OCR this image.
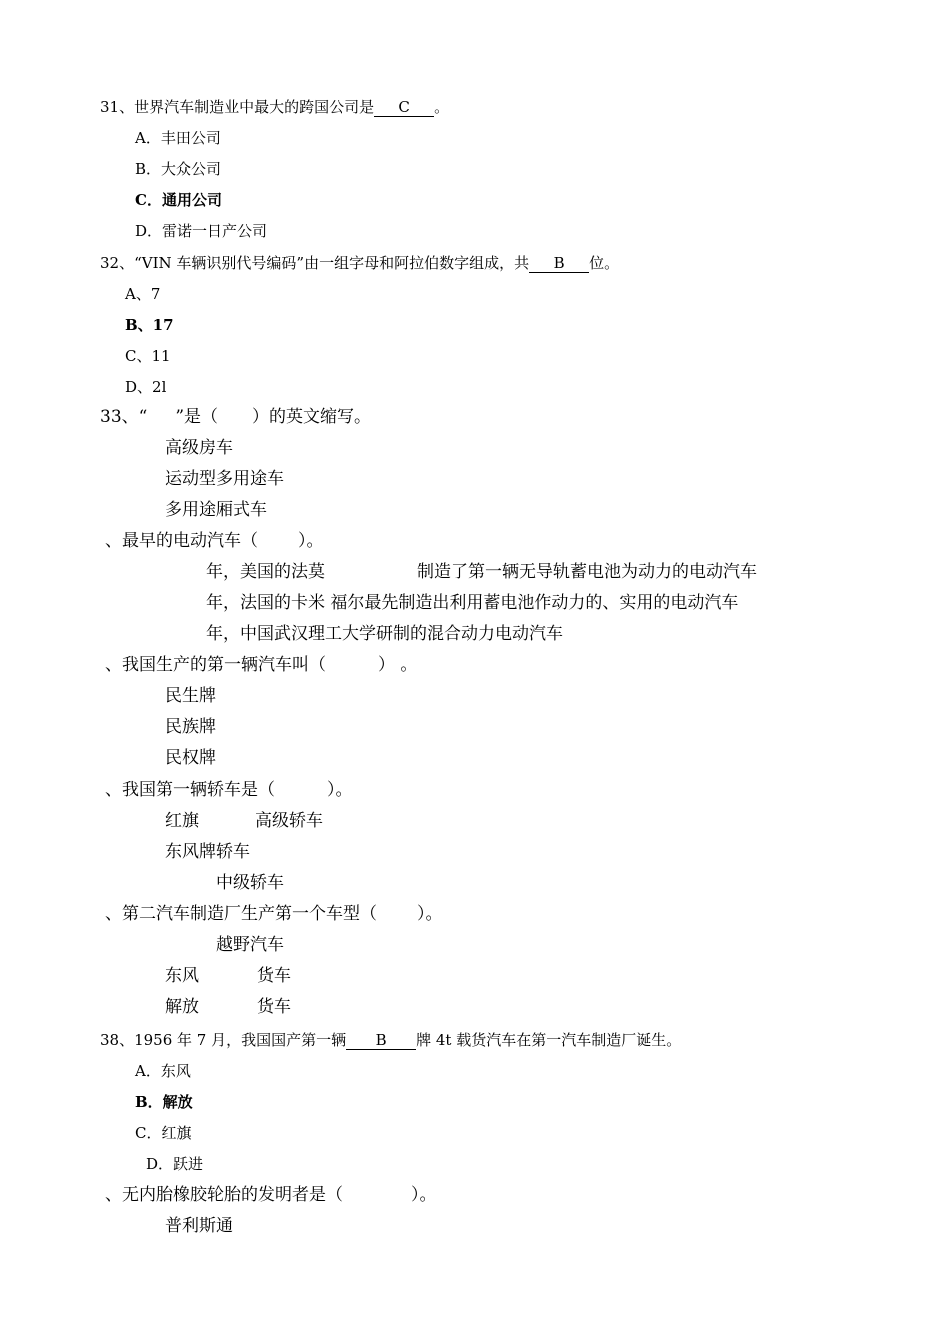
31、世界汽车制造业中最大的跨国公司是 C 。
A．丰田公司
B．大众公司
C．通用公司
D．雷诺一日产公司
32、“VIN 车辆识别代号编码”由一组字母和阿拉伯数字组成，共 B 位。
A、7
B、17
C、11
D、2l
33、“ ”是（ ）的英文缩写。
高级房车
运动型多用途车
多用途厢式车
、最早的电动汽车（ ）。
年，美国的法莫	制造了第一辆无导轨蓄电池为动力的电动汽车
年，法国的卡米 福尔最先制造出利用蓄电池作动力的、实用的电动汽车
年，中国武汉理工大学研制的混合动力电动汽车
、我国生产的第一辆汽车叫（	） 。
民生牌
民族牌
民权牌
、我国第一辆轿车是（	）。
红旗	高级轿车
东风牌轿车
中级轿车
、第二汽车制造厂生产第一个车型（ ）。
越野汽车
东风	货车
解放	货车
38、1956 年 7 月，我国国产第一辆 B 牌 4t 载货汽车在第一汽车制造厂诞生。
A．东风
B．解放
C．红旗
D．跃进
、无内胎橡胶轮胎的发明者是（	）。
普利斯通
